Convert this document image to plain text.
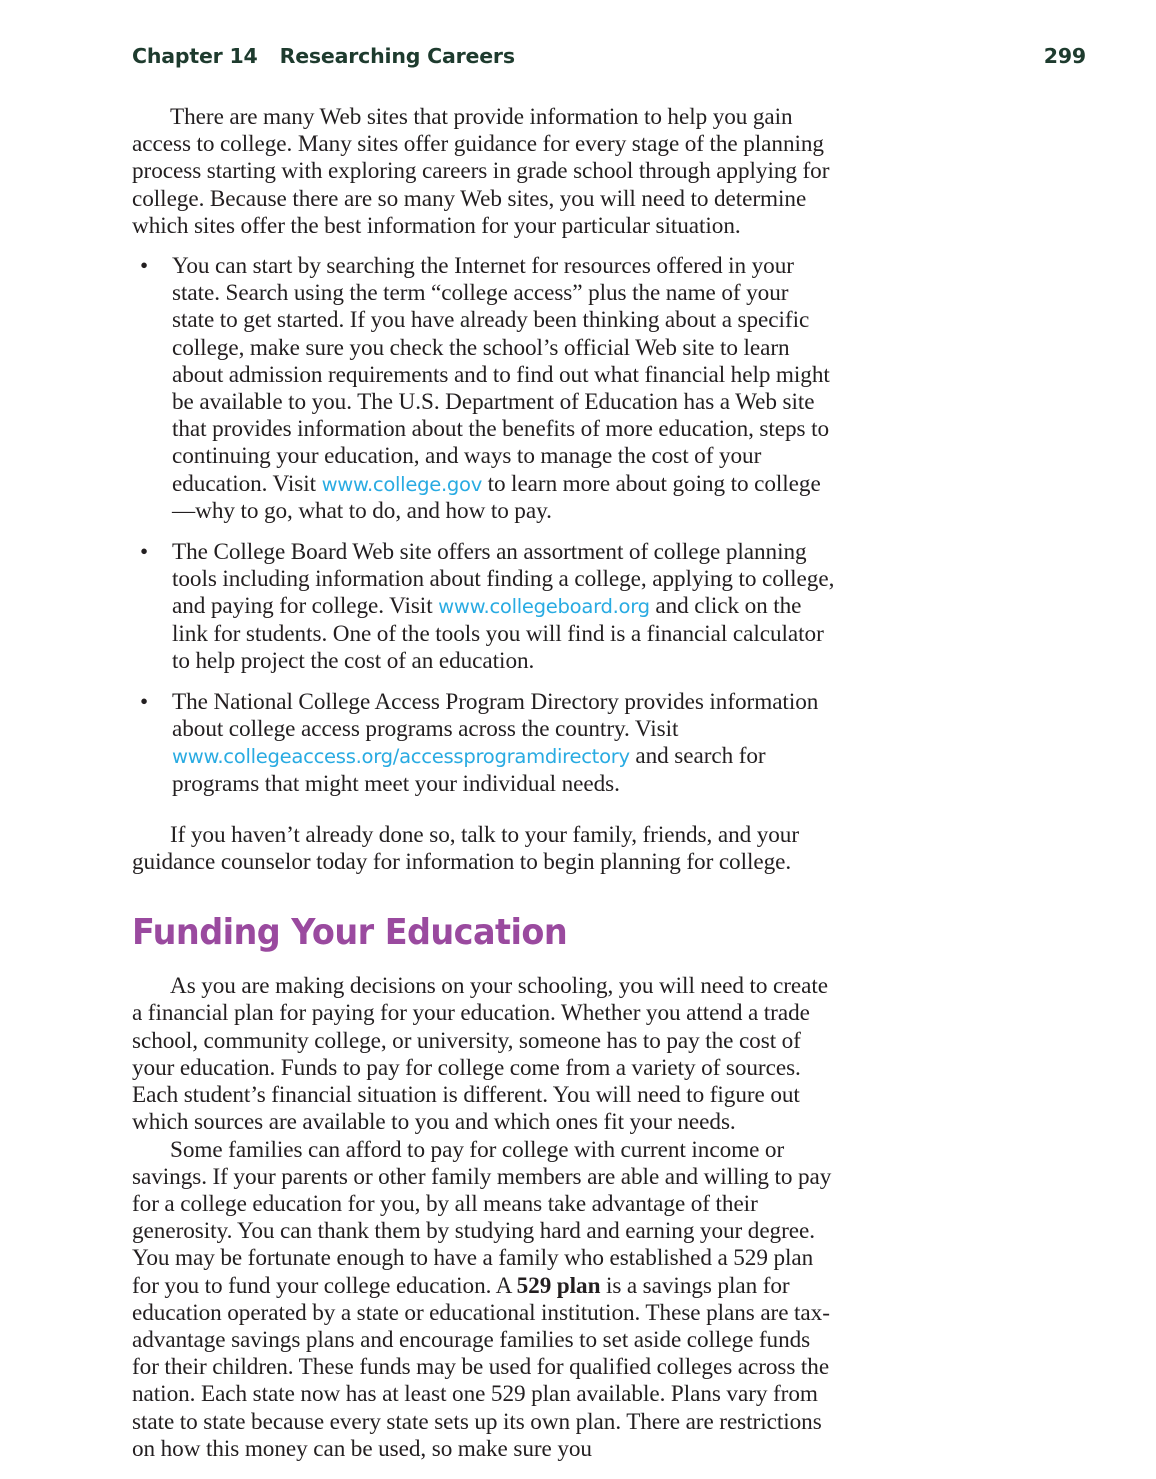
Chapter 14 Researching Careers	299

There are many Web sites that provide information to help you gain access to college. Many sites offer guidance for every stage of the planning process starting with exploring careers in grade school through applying for college. Because there are so many Web sites, you will need to determine which sites offer the best information for your particular situation.

• You can start by searching the Internet for resources offered in your state. Search using the term “college access” plus the name of your state to get started. If you have already been thinking about a specific college, make sure you check the school’s official Web site to learn about admission requirements and to find out what financial help might be available to you. The U.S. Department of Education has a Web site that provides information about the benefits of more education, steps to continuing your education, and ways to manage the cost of your education. Visit www.college.gov to learn more about going to college—why to go, what to do, and how to pay.
• The College Board Web site offers an assortment of college planning tools including information about finding a college, applying to college, and paying for college. Visit www.collegeboard.org and click on the link for students. One of the tools you will find is a financial calculator to help project the cost of an education.
• The National College Access Program Directory provides information about college access programs across the country. Visit www.collegeaccess.org/accessprogramdirectory and search for programs that might meet your individual needs.

If you haven’t already done so, talk to your family, friends, and your guidance counselor today for information to begin planning for college.

Funding Your Education

As you are making decisions on your schooling, you will need to create a financial plan for paying for your education. Whether you attend a trade school, community college, or university, someone has to pay the cost of your education. Funds to pay for college come from a variety of sources. Each student’s financial situation is different. You will need to figure out which sources are available to you and which ones fit your needs.

Some families can afford to pay for college with current income or savings. If your parents or other family members are able and willing to pay for a college education for you, by all means take advantage of their generosity. You can thank them by studying hard and earning your degree. You may be fortunate enough to have a family who established a 529 plan for you to fund your college education. A 529 plan is a savings plan for education operated by a state or educational institution. These plans are tax-advantage savings plans and encourage families to set aside college funds for their children. These funds may be used for qualified colleges across the nation. Each state now has at least one 529 plan available. Plans vary from state to state because every state sets up its own plan. There are restrictions on how this money can be used, so make sure you
